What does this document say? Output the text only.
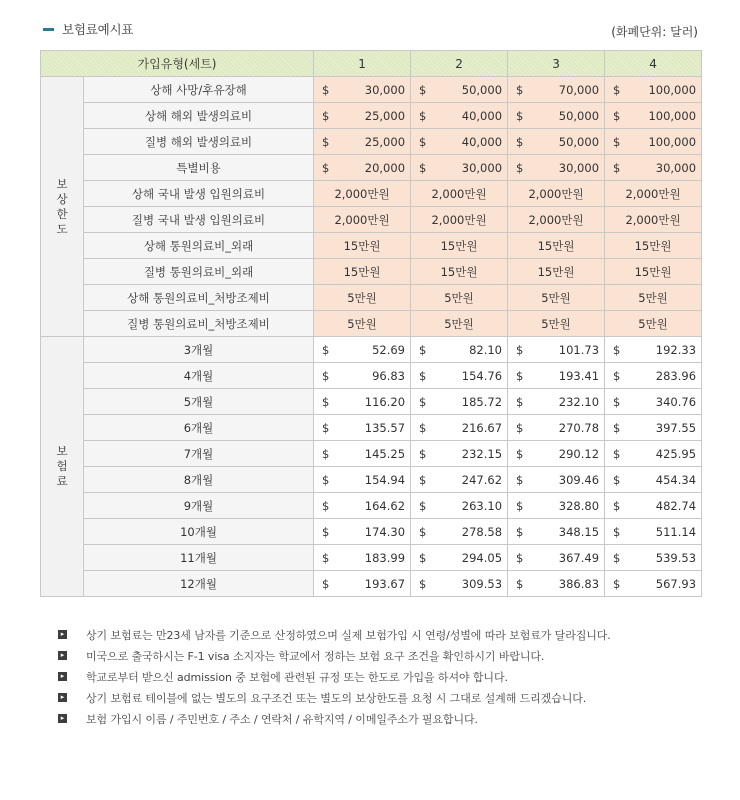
보험료예시표	(화폐단위: 달러)
가입유형(세트)		1	2	3	4
보
상
한
도	상해 사망/후유장해	$ 30,000	$ 50,000	$ 70,000	$ 100,000

	상해 해외 발생의료비	$ 25,000	$ 40,000	$ 50,000	$ 100,000

	질병 해외 발생의료비	$ 25,000	$ 40,000	$ 50,000	$ 100,000

	특별비용	$ 20,000	$ 30,000	$ 30,000	$ 30,000

	상해 국내 발생 입원의료비	2,000만원	2,000만원	2,000만원	2,000만원
	질병 국내 발생 입원의료비	2,000만원	2,000만원	2,000만원	2,000만원
	상해 통원의료비_외래	15만원	15만원	15만원	15만원
	질병 통원의료비_외래	15만원	15만원	15만원	15만원
	상해 통원의료비_처방조제비	5만원	5만원	5만원	5만원
	질병 통원의료비_처방조제비	5만원	5만원	5만원	5만원
보
험
료	3개월	$ 52.69	$ 82.10	$ 101.73	$ 192.33

	4개월	$ 96.83	$ 154.76	$ 193.41	$ 283.96

	5개월	$ 116.20	$ 185.72	$ 232.10	$ 340.76

	6개월	$ 135.57	$ 216.67	$ 270.78	$ 397.55

	7개월	$ 145.25	$ 232.15	$ 290.12	$ 425.95

	8개월	$ 154.94	$ 247.62	$ 309.46	$ 454.34

	9개월	$ 164.62	$ 263.10	$ 328.80	$ 482.74

	10개월	$ 174.30	$ 278.58	$ 348.15	$ 511.14

	11개월	$ 183.99	$ 294.05	$ 367.49	$ 539.53

	12개월	$ 193.67	$ 309.53	$ 386.83	$ 567.93
▸ 상기 보험료는 만23세 남자를 기준으로 산정하였으며 실제 보험가입 시 연령/성별에 따라 보험료가 달라집니다.
▸ 미국으로 출국하시는 F-1 visa 소지자는 학교에서 정하는 보험 요구 조건을 확인하시기 바랍니다.
▸ 학교로부터 받으신 admission 중 보험에 관련된 규정 또는 한도로 가입을 하셔야 합니다.
▸ 상기 보험료 테이블에 없는 별도의 요구조건 또는 별도의 보상한도를 요청 시 그대로 설계해 드리겠습니다.
▸ 보험 가입시 이름 / 주민번호 / 주소 / 연락처 / 유학지역 / 이메일주소가 필요합니다.
